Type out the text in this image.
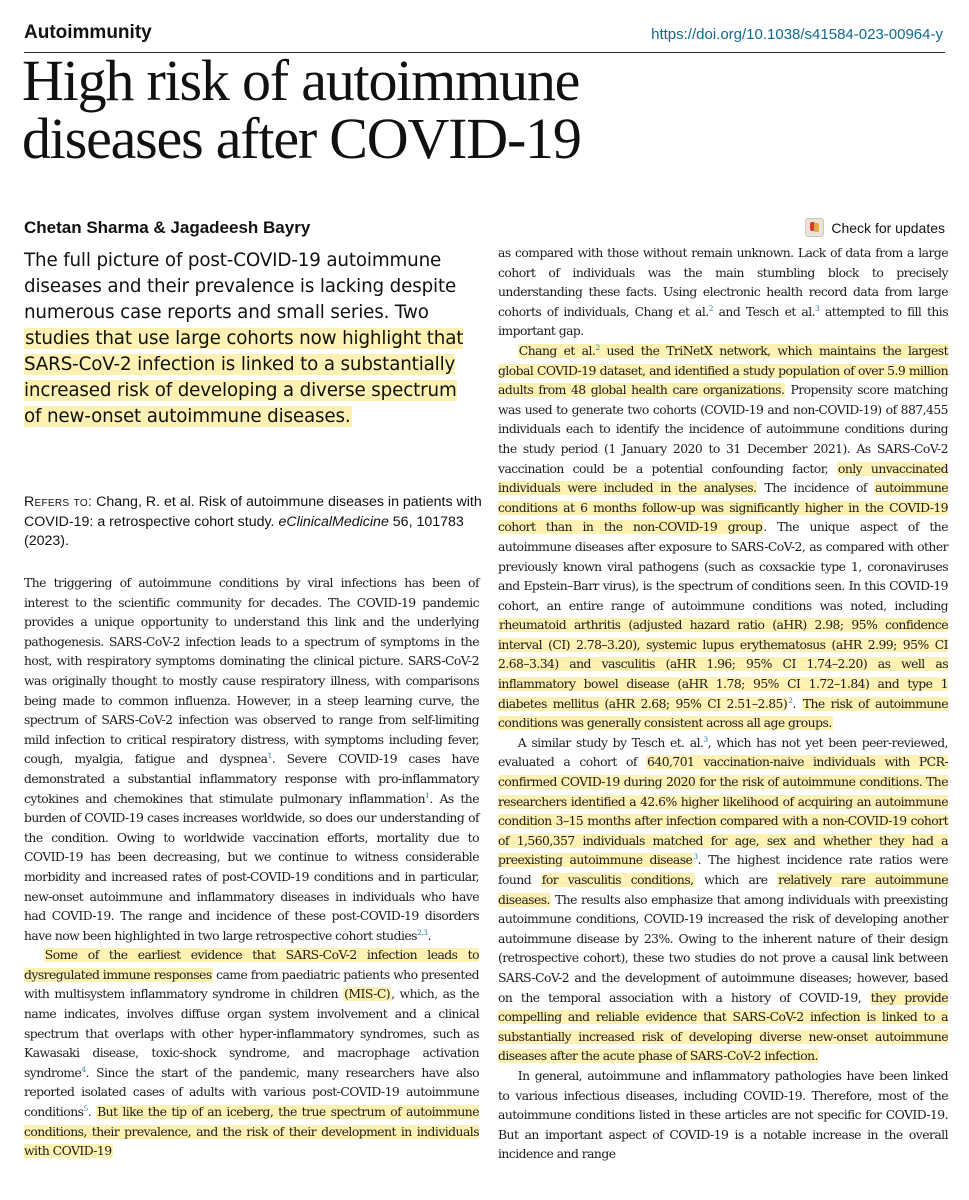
Autoimmunity	https://doi.org/10.1038/s41584-023-00964-y
High risk of autoimmune
diseases after COVID-19
Chetan Sharma & Jagadeesh Bayry	Check for updates

The full picture of post-COVID-19 autoimmune diseases and their prevalence is lacking despite numerous case reports and small series. Two studies that use large cohorts now highlight that SARS-CoV-2 infection is linked to a substantially increased risk of developing a diverse spectrum of new-onset autoimmune diseases.

Refers to: Chang, R. et al. Risk of autoimmune diseases in patients with COVID-19: a retrospective cohort study. eClinicalMedicine 56, 101783 (2023).

The triggering of autoimmune conditions by viral infections has been of interest to the scientific community for decades. The COVID-19 pandemic provides a unique opportunity to understand this link and the underlying pathogenesis. SARS-CoV-2 infection leads to a spectrum of symptoms in the host, with respiratory symptoms dominating the clinical picture. SARS-CoV-2 was originally thought to mostly cause respiratory illness, with comparisons being made to common influenza. However, in a steep learning curve, the spectrum of SARS-CoV-2 infection was observed to range from self-limiting mild infection to critical respiratory distress, with symptoms including fever, cough, myalgia, fatigue and dyspnea$^1$. Severe COVID-19 cases have demonstrated a substantial inflammatory response with pro-inflammatory cytokines and chemokines that stimulate pulmonary inflammation$^1$. As the burden of COVID-19 cases increases worldwide, so does our understanding of the condition. Owing to worldwide vaccination efforts, mortality due to COVID-19 has been decreasing, but we continue to witness considerable morbidity and increased rates of post-COVID-19 conditions and in particular, new-onset autoimmune and inflammatory diseases in individuals who have had COVID-19. The range and incidence of these post-COVID-19 disorders have now been highlighted in two large retrospective cohort studies$^{2,3}$.

Some of the earliest evidence that SARS-CoV-2 infection leads to dysregulated immune responses came from paediatric patients who presented with multisystem inflammatory syndrome in children (MIS-C), which, as the name indicates, involves diffuse organ system involvement and a clinical spectrum that overlaps with other hyper-inflammatory syndromes, such as Kawasaki disease, toxic-shock syndrome, and macrophage activation syndrome$^4$. Since the start of the pandemic, many researchers have also reported isolated cases of adults with various post-COVID-19 autoimmune conditions$^5$. But like the tip of an iceberg, the true spectrum of autoimmune conditions, their prevalence, and the risk of their development in individuals with COVID-19

as compared with those without remain unknown. Lack of data from a large cohort of individuals was the main stumbling block to precisely understanding these facts. Using electronic health record data from large cohorts of individuals, Chang et al.$^2$ and Tesch et al.$^3$ attempted to fill this important gap.

Chang et al.$^2$ used the TriNetX network, which maintains the largest global COVID-19 dataset, and identified a study population of over 5.9 million adults from 48 global health care organizations. Propensity score matching was used to generate two cohorts (COVID-19 and non-COVID-19) of 887,455 individuals each to identify the incidence of autoimmune conditions during the study period (1 January 2020 to 31 December 2021). As SARS-CoV-2 vaccination could be a potential confounding factor, only unvaccinated individuals were included in the analyses. The incidence of autoimmune conditions at 6 months follow-up was significantly higher in the COVID-19 cohort than in the non-COVID-19 group. The unique aspect of the autoimmune diseases after exposure to SARS-CoV-2, as compared with other previously known viral pathogens (such as coxsackie type 1, coronaviruses and Epstein–Barr virus), is the spectrum of conditions seen. In this COVID-19 cohort, an entire range of autoimmune conditions was noted, including rheumatoid arthritis (adjusted hazard ratio (aHR) 2.98; 95% confidence interval (CI) 2.78–3.20), systemic lupus erythematosus (aHR 2.99; 95% CI 2.68–3.34) and vasculitis (aHR 1.96; 95% CI 1.74–2.20) as well as inflammatory bowel disease (aHR 1.78; 95% CI 1.72–1.84) and type 1 diabetes mellitus (aHR 2.68; 95% CI 2.51–2.85)$^2$. The risk of autoimmune conditions was generally consistent across all age groups.

A similar study by Tesch et. al.$^3$, which has not yet been peer-reviewed, evaluated a cohort of 640,701 vaccination-naive individuals with PCR-confirmed COVID-19 during 2020 for the risk of autoimmune conditions. The researchers identified a 42.6% higher likelihood of acquiring an autoimmune condition 3–15 months after infection compared with a non-COVID-19 cohort of 1,560,357 individuals matched for age, sex and whether they had a preexisting autoimmune disease$^3$. The highest incidence rate ratios were found for vasculitis conditions, which are relatively rare autoimmune diseases. The results also emphasize that among individuals with preexisting autoimmune conditions, COVID-19 increased the risk of developing another autoimmune disease by 23%. Owing to the inherent nature of their design (retrospective cohort), these two studies do not prove a causal link between SARS-CoV-2 and the development of autoimmune diseases; however, based on the temporal association with a history of COVID-19, they provide compelling and reliable evidence that SARS-CoV-2 infection is linked to a substantially increased risk of developing diverse new-onset autoimmune diseases after the acute phase of SARS-CoV-2 infection.

In general, autoimmune and inflammatory pathologies have been linked to various infectious diseases, including COVID-19. Therefore, most of the autoimmune conditions listed in these articles are not specific for COVID-19. But an important aspect of COVID-19 is a notable increase in the overall incidence and range
